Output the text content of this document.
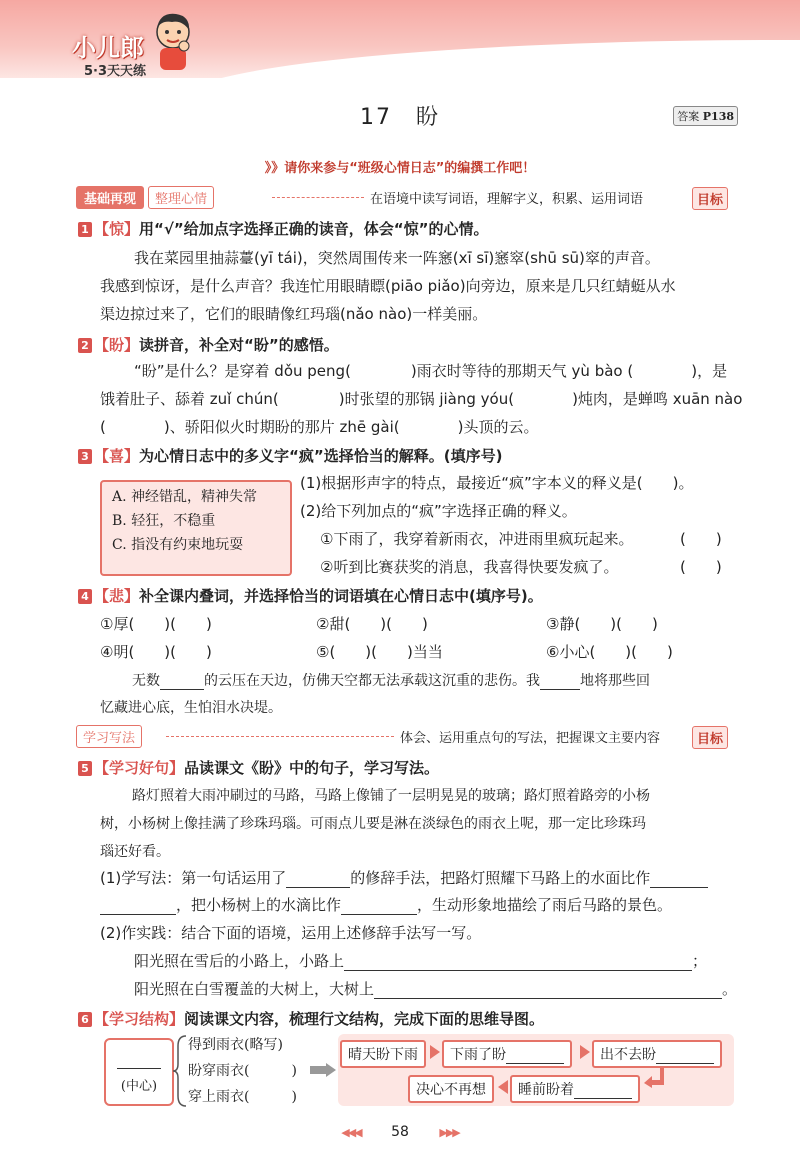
小儿郎
5·3天天练
17　盼	答案 P138
》》请你来参与“班级心情日志”的编撰工作吧！
基础再现 整理心情	在语境中读写词语，理解字义，积累、运用词语	目标
1 【惊】用“√”给加点字选择正确的读音，体会“惊”的心情。
我在菜园里抽蒜薹(yī tái)，突然周围传来一阵窸(xī sī)窸窣(shū sū)窣的声音。
我感到惊讶，是什么声音？我连忙用眼睛瞟(piāo piǎo)向旁边，原来是几只红蜻蜓从水
渠边掠过来了，它们的眼睛像红玛瑙(nǎo nào)一样美丽。
2 【盼】读拼音，补全对“盼”的感悟。
“盼”是什么？是穿着 dǒu peng(	)雨衣时等待的那期天气 yù bào (	)，是
饿着肚子、舔着 zuǐ chún(	)时张望的那锅 jiàng yóu(	)炖肉，是蝉鸣 xuān nào
(	)、骄阳似火时期盼的那片 zhē gài(	)头顶的云。
3 【喜】为心情日志中的多义字“疯”选择恰当的解释。(填序号)
A. 神经错乱，精神失常
B. 轻狂，不稳重
C. 指没有约束地玩耍
(1)根据形声字的特点，最接近“疯”字本义的释义是(　　)。
(2)给下列加点的“疯”字选择正确的释义。
①下雨了，我穿着新雨衣，冲进雨里疯玩起来。	(　　)
②听到比赛获奖的消息，我喜得快要发疯了。	(　　)
4 【悲】补全课内叠词，并选择恰当的词语填在心情日志中(填序号)。
①厚(　　)(　　)	②甜(　　)(　　)	③静(　　)(　　)
④明(　　)(　　)	⑤(　　)(　　)当当	⑥小心(　　)(　　)
无数	的云压在天边，仿佛天空都无法承载这沉重的悲伤。我	地将那些回
忆藏进心底，生怕泪水决堤。
学习写法	体会、运用重点句的写法，把握课文主要内容	目标
5 【学习好句】品读课文《盼》中的句子，学习写法。
路灯照着大雨冲刷过的马路，马路上像铺了一层明晃晃的玻璃；路灯照着路旁的小杨
树，小杨树上像挂满了珍珠玛瑙。可雨点儿要是淋在淡绿色的雨衣上呢，那一定比珍珠玛
瑙还好看。
(1)学写法：第一句话运用了	的修辞手法，把路灯照耀下马路上的水面比作
，把小杨树上的水滴比作	，生动形象地描绘了雨后马路的景色。
(2)作实践：结合下面的语境，运用上述修辞手法写一写。
阳光照在雪后的小路上，小路上	；
阳光照在白雪覆盖的大树上，大树上	。
6 【学习结构】阅读课文内容，梳理行文结构，完成下面的思维导图。
(中心)
得到雨衣(略写)
盼穿雨衣(　　　)
穿上雨衣(　　　)
晴天盼下雨	下雨了盼	出不去盼
决心不再想	睡前盼着
◀◀◀ 58	▶▶▶
